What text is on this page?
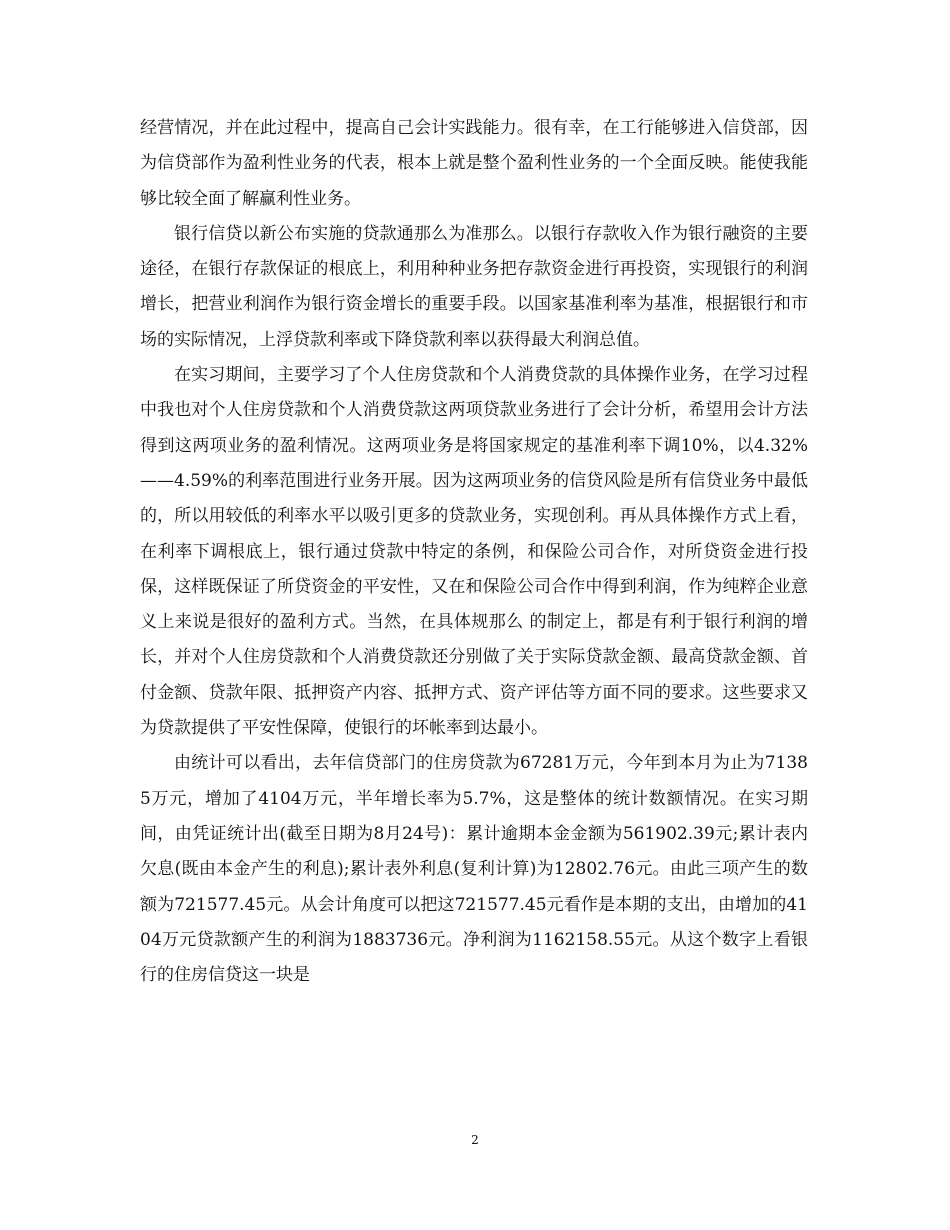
经营情况，并在此过程中，提高自己会计实践能力。很有幸，在工行能够进入信贷部，因为信贷部作为盈利性业务的代表，根本上就是整个盈利性业务的一个全面反映。能使我能够比较全面了解赢利性业务。

银行信贷以新公布实施的贷款通那么为准那么。以银行存款收入作为银行融资的主要途径，在银行存款保证的根底上，利用种种业务把存款资金进行再投资，实现银行的利润增长，把营业利润作为银行资金增长的重要手段。以国家基准利率为基准，根据银行和市场的实际情况，上浮贷款利率或下降贷款利率以获得最大利润总值。

在实习期间，主要学习了个人住房贷款和个人消费贷款的具体操作业务，在学习过程中我也对个人住房贷款和个人消费贷款这两项贷款业务进行了会计分析，希望用会计方法得到这两项业务的盈利情况。这两项业务是将国家规定的基准利率下调10%，以4.32%——4.59%的利率范围进行业务开展。因为这两项业务的信贷风险是所有信贷业务中最低的，所以用较低的利率水平以吸引更多的贷款业务，实现创利。再从具体操作方式上看，在利率下调根底上，银行通过贷款中特定的条例，和保险公司合作，对所贷资金进行投保，这样既保证了所贷资金的平安性，又在和保险公司合作中得到利润，作为纯粹企业意义上来说是很好的盈利方式。当然，在具体规那么 的制定上，都是有利于银行利润的增长，并对个人住房贷款和个人消费贷款还分别做了关于实际贷款金额、最高贷款金额、首付金额、贷款年限、抵押资产内容、抵押方式、资产评估等方面不同的要求。这些要求又为贷款提供了平安性保障，使银行的坏帐率到达最小。

由统计可以看出，去年信贷部门的住房贷款为67281万元，今年到本月为止为71385万元，增加了4104万元，半年增长率为5.7%，这是整体的统计数额情况。在实习期间，由凭证统计出(截至日期为8月24号)：累计逾期本金金额为561902.39元;累计表内欠息(既由本金产生的利息);累计表外利息(复利计算)为12802.76元。由此三项产生的数额为721577.45元。从会计角度可以把这721577.45元看作是本期的支出，由增加的4104万元贷款额产生的利润为1883736元。净利润为1162158.55元。从这个数字上看银行的住房信贷这一块是

2
